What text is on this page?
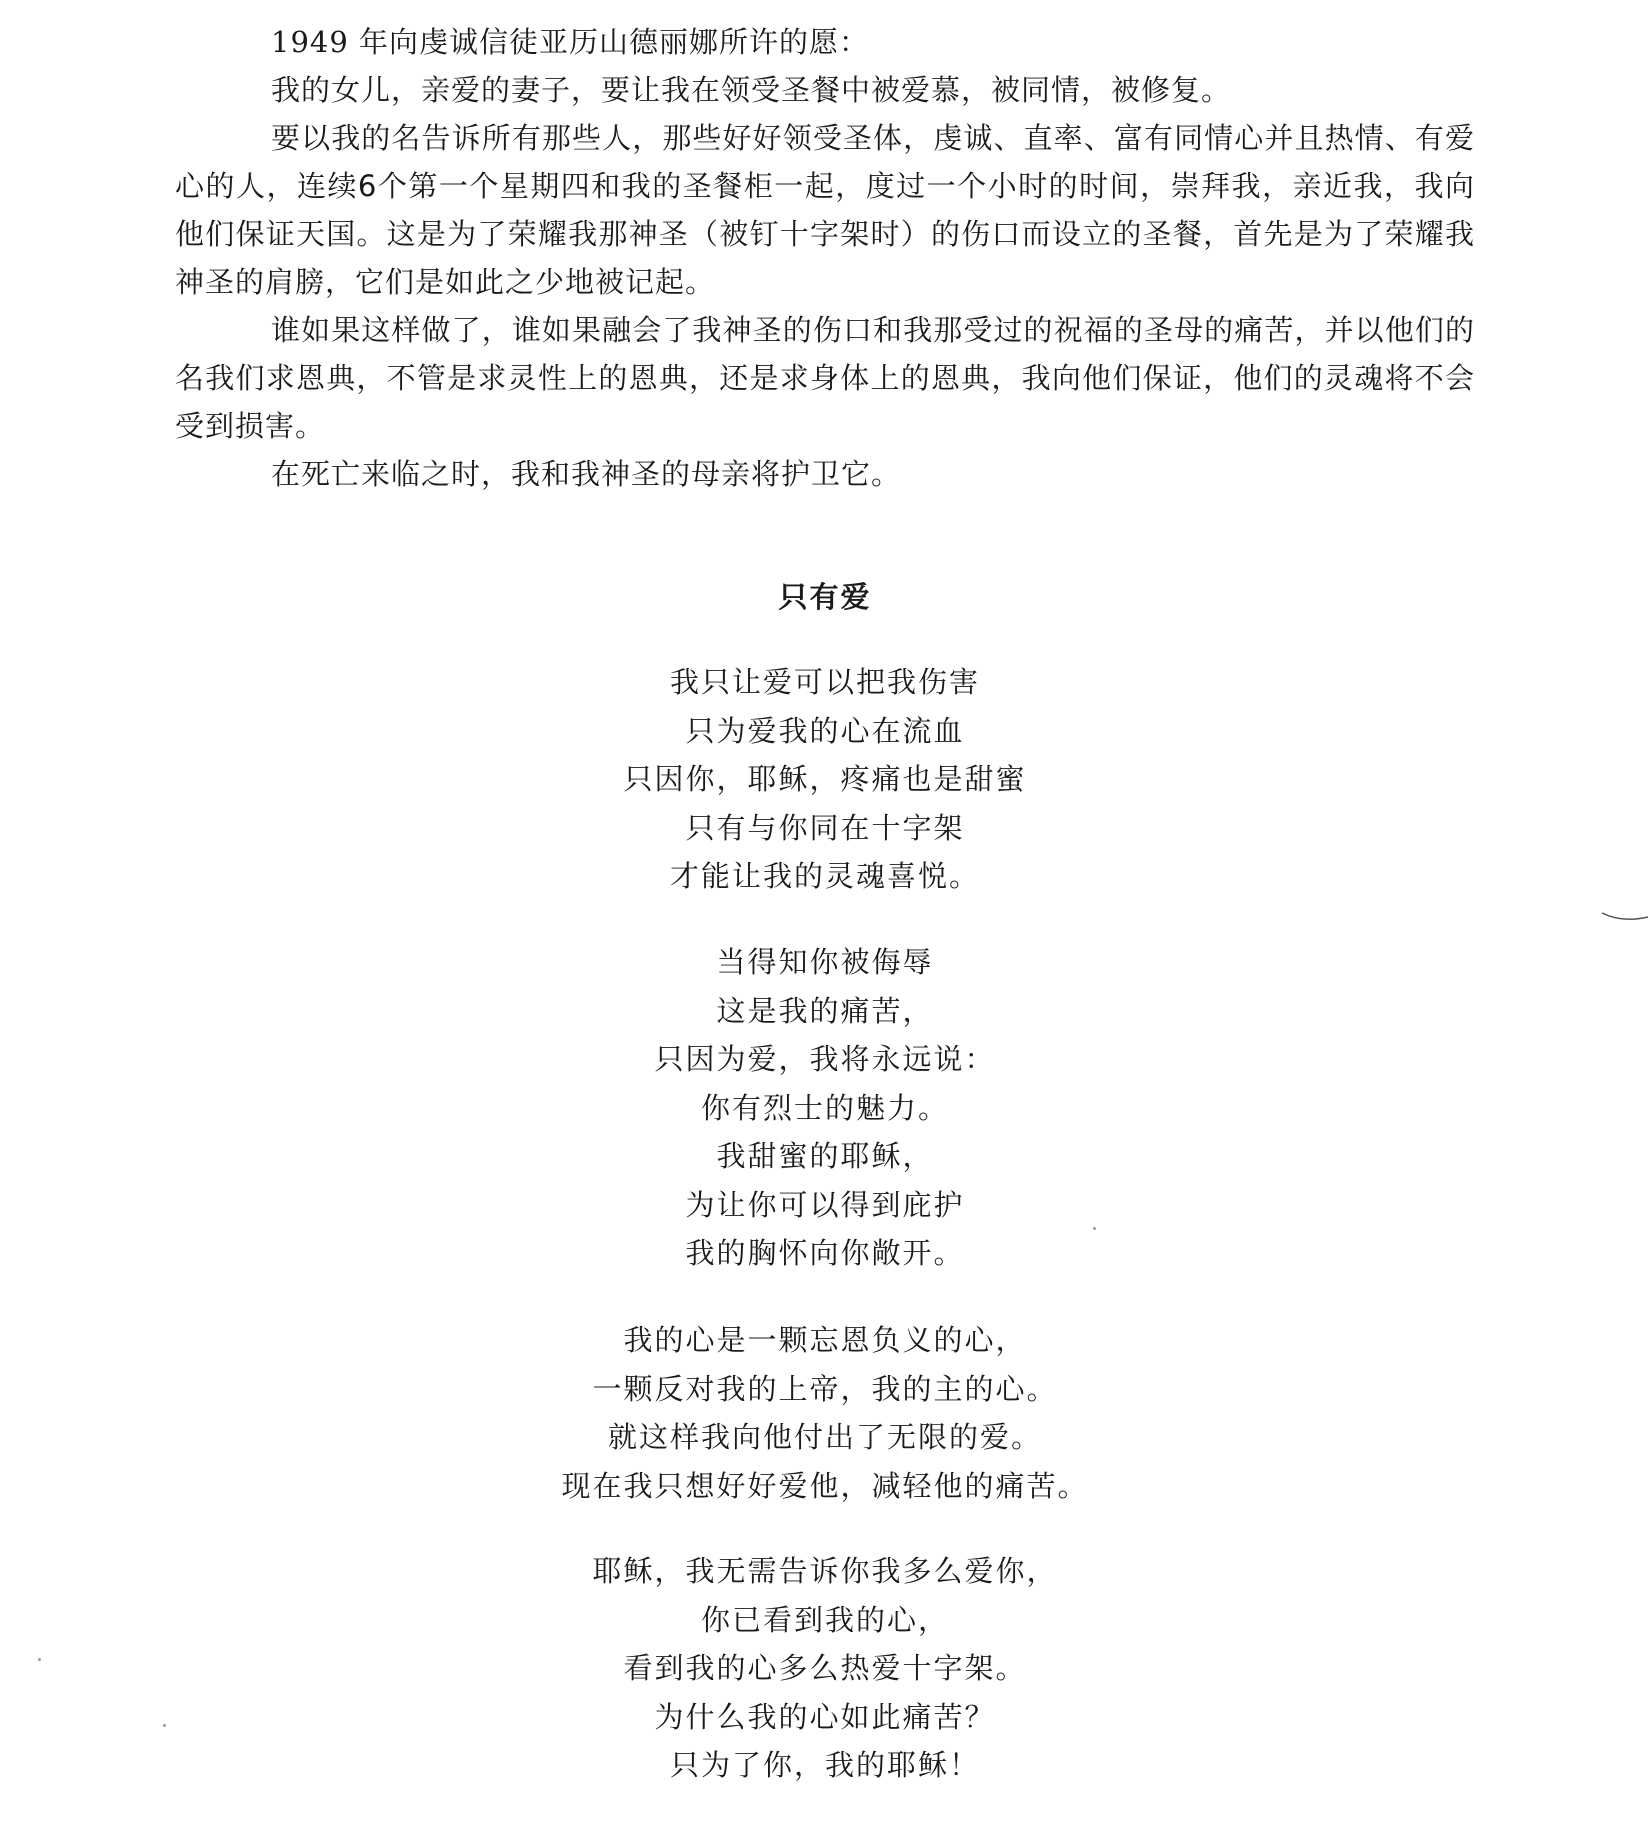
1949 年向虔诚信徒亚历山德丽娜所许的愿：

我的女儿，亲爱的妻子，要让我在领受圣餐中被爱慕，被同情，被修复。

要以我的名告诉所有那些人，那些好好领受圣体，虔诚、直率、富有同情心并且热情、有爱心的人，连续6个第一个星期四和我的圣餐柜一起，度过一个小时的时间，崇拜我，亲近我，我向他们保证天国。这是为了荣耀我那神圣（被钉十字架时）的伤口而设立的圣餐，首先是为了荣耀我神圣的肩膀，它们是如此之少地被记起。

谁如果这样做了，谁如果融会了我神圣的伤口和我那受过的祝福的圣母的痛苦，并以他们的名我们求恩典，不管是求灵性上的恩典，还是求身体上的恩典，我向他们保证，他们的灵魂将不会受到损害。

在死亡来临之时，我和我神圣的母亲将护卫它。

只有爱
我只让爱可以把我伤害
只为爱我的心在流血
只因你，耶稣，疼痛也是甜蜜
只有与你同在十字架
才能让我的灵魂喜悦。
当得知你被侮辱
这是我的痛苦，
只因为爱，我将永远说：
你有烈士的魅力。
我甜蜜的耶稣，
为让你可以得到庇护
我的胸怀向你敞开。
我的心是一颗忘恩负义的心，
一颗反对我的上帝，我的主的心。
就这样我向他付出了无限的爱。
现在我只想好好爱他，减轻他的痛苦。
耶稣，我无需告诉你我多么爱你，
你已看到我的心，
看到我的心多么热爱十字架。
为什么我的心如此痛苦？
只为了你，我的耶稣！
